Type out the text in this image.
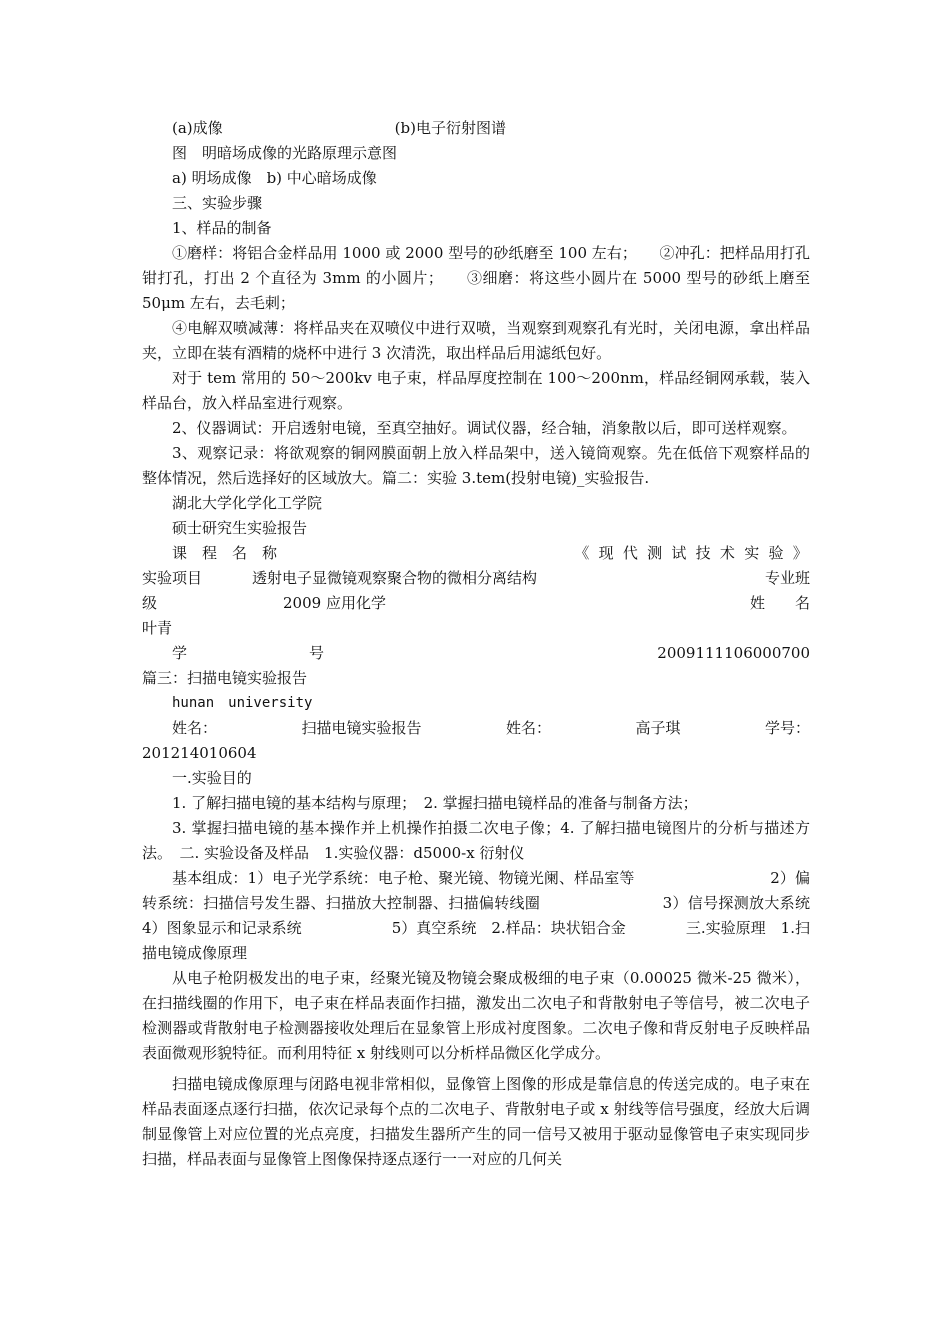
(a)成像	(b)电子衍射图谱
图　明暗场成像的光路原理示意图
a) 明场成像　b) 中心暗场成像
三、实验步骤
1、样品的制备

①磨样：将铝合金样品用 1000 或 2000 型号的砂纸磨至 100 左右；　　②冲孔：把样品用打孔钳打孔，打出 2 个直径为 3mm 的小圆片；　　③细磨：将这些小圆片在 5000 型号的砂纸上磨至 50μm 左右，去毛刺；

④电解双喷减薄：将样品夹在双喷仪中进行双喷，当观察到观察孔有光时，关闭电源，拿出样品夹，立即在装有酒精的烧杯中进行 3 次清洗，取出样品后用滤纸包好。

对于 tem 常用的 50～200kv 电子束，样品厚度控制在 100～200nm，样品经铜网承载，装入样品台，放入样品室进行观察。

2、仪器调试：开启透射电镜，至真空抽好。调试仪器，经合轴，消象散以后，即可送样观察。

3、观察记录：将欲观察的铜网膜面朝上放入样品架中，送入镜筒观察。先在低倍下观察样品的整体情况，然后选择好的区域放大。篇二：实验 3.tem(投射电镜)_实验报告.

湖北大学化学化工学院
硕士研究生实验报告
课　程　名　称	《 现 代 测 试 技 术 实 验 》
实验项目	透射电子显微镜观察聚合物的微相分离结构	专业班
级	2009 应用化学	姓　　名
叶青
学	号	2009111106000700
篇三：扫描电镜实验报告
hunan　university
姓名：	扫描电镜实验报告	姓名：	高子琪	学号：
201214010604
一.实验目的
1. 了解扫描电镜的基本结构与原理；　2. 掌握扫描电镜样品的准备与制备方法；

3. 掌握扫描电镜的基本操作并上机操作拍摄二次电子像；4. 了解扫描电镜图片的分析与描述方法。　二. 实验设备及样品　1.实验仪器：d5000-x 衍射仪

基本组成：1）电子光学系统：电子枪、聚光镜、物镜光阑、样品室等　　　　　　　　　2）偏转系统：扫描信号发生器、扫描放大控制器、扫描偏转线圈　　　　　　　　3）信号探测放大系统　　　　　　4）图象显示和记录系统　　　　　　5）真空系统　2.样品：块状铝合金　　　　三.实验原理　1.扫描电镜成像原理

从电子枪阴极发出的电子束，经聚光镜及物镜会聚成极细的电子束（0.00025 微米-25 微米），在扫描线圈的作用下，电子束在样品表面作扫描，激发出二次电子和背散射电子等信号，被二次电子检测器或背散射电子检测器接收处理后在显象管上形成衬度图象。二次电子像和背反射电子反映样品表面微观形貌特征。而利用特征 x 射线则可以分析样品微区化学成分。

扫描电镜成像原理与闭路电视非常相似，显像管上图像的形成是靠信息的传送完成的。电子束在样品表面逐点逐行扫描，依次记录每个点的二次电子、背散射电子或 x 射线等信号强度，经放大后调制显像管上对应位置的光点亮度，扫描发生器所产生的同一信号又被用于驱动显像管电子束实现同步扫描，样品表面与显像管上图像保持逐点逐行一一对应的几何关
